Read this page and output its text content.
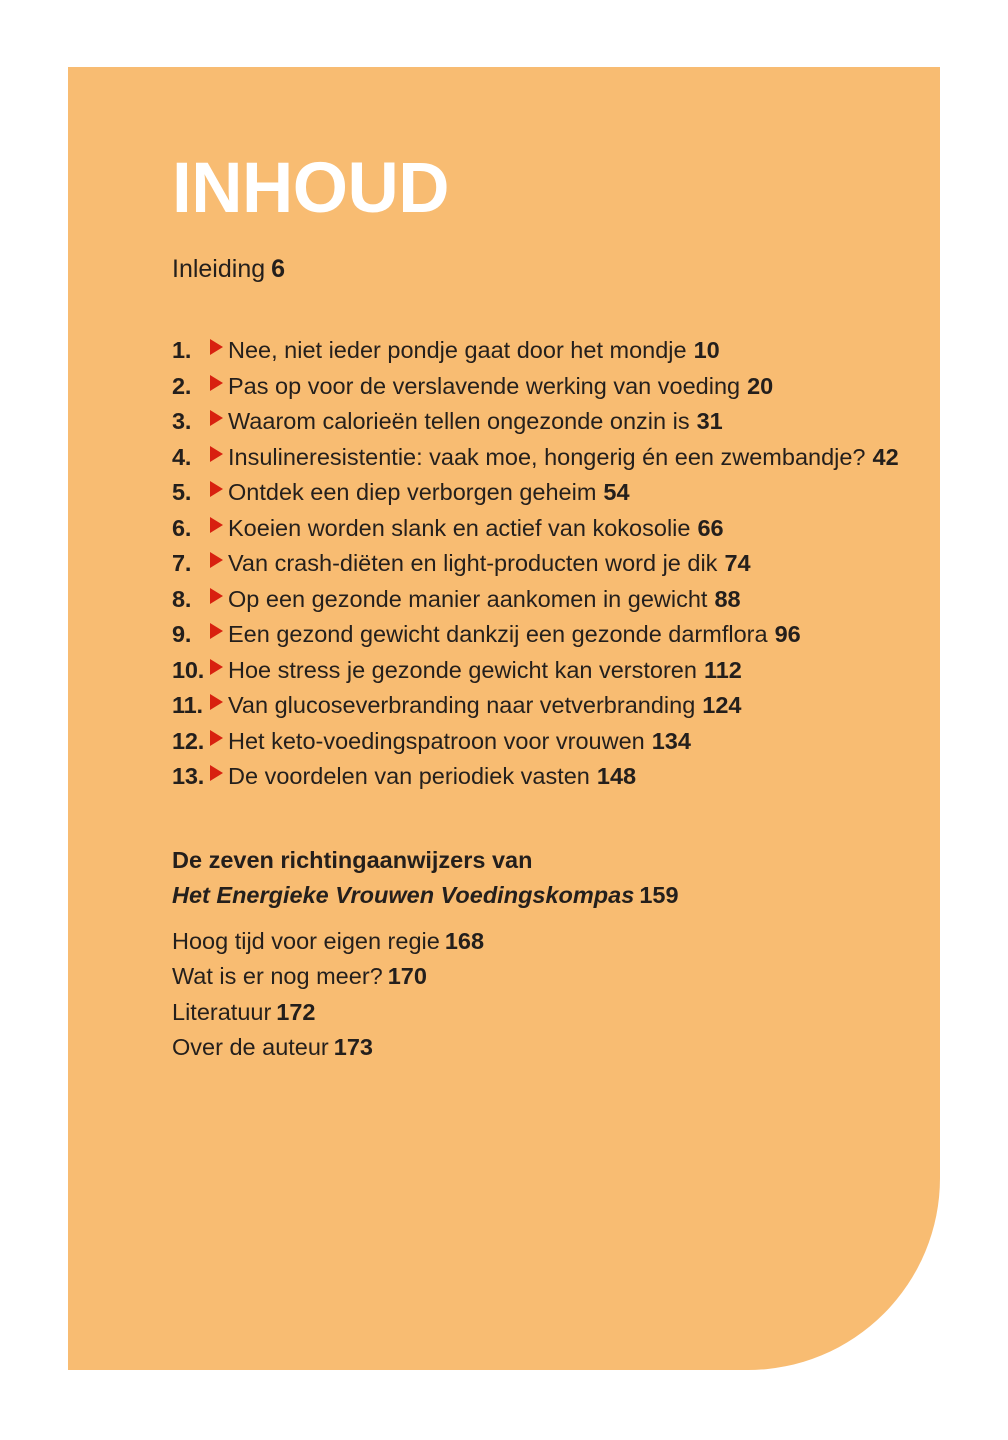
INHOUD
Inleiding 6
1.	Nee, niet ieder pondje gaat door het mondje 10
2.	Pas op voor de verslavende werking van voeding 20
3.	Waarom calorieën tellen ongezonde onzin is 31
4.	Insulineresistentie: vaak moe, hongerig én een zwembandje? 42
5.	Ontdek een diep verborgen geheim 54
6.	Koeien worden slank en actief van kokosolie 66
7.	Van crash-diëten en light-producten word je dik 74
8.	Op een gezonde manier aankomen in gewicht 88
9.	Een gezond gewicht dankzij een gezonde darmflora 96
10. Hoe stress je gezonde gewicht kan verstoren 112
11.	Van glucoseverbranding naar vetverbranding 124
12. Het keto-voedingspatroon voor vrouwen 134
13. De voordelen van periodiek vasten 148
De zeven richtingaanwijzers van
Het Energieke Vrouwen Voedingskompas 159
Hoog tijd voor eigen regie 168
Wat is er nog meer? 170
Literatuur 172
Over de auteur 173
